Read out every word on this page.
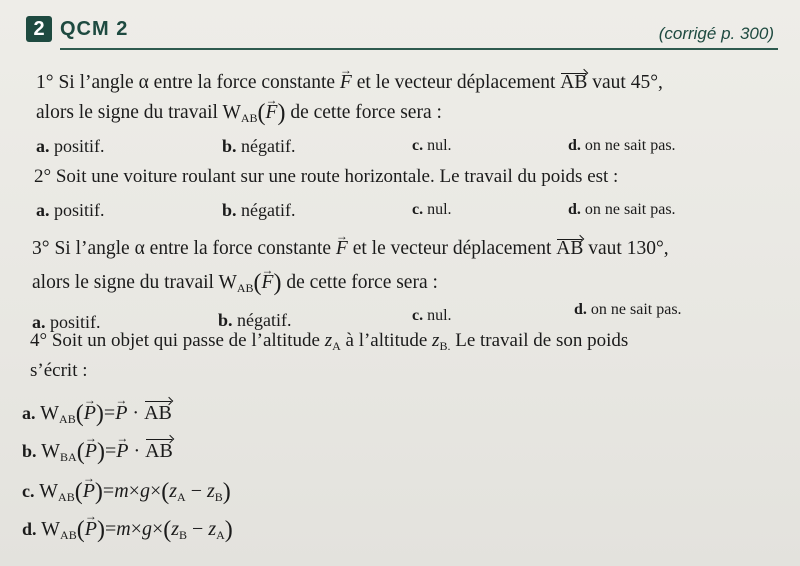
2 QCM 2	(corrigé p. 300)
1° Si l’angle α entre la force constante → F et le vecteur déplacement AB vaut 45°,
alors le signe du travail $W_{AB}(\to F)$ de cette force sera :
a. positif.	b. négatif.	c. nul.	d. on ne sait pas.
2° Soit une voiture roulant sur une route horizontale. Le travail du poids est :
a. positif.	b. négatif.	c. nul.	d. on ne sait pas.
3° Si l’angle α entre la force constante → F et le vecteur déplacement AB vaut 130°,
alors le signe du travail $W_{AB}(\to F)$ de cette force sera :
a. positif.	b. négatif.	c. nul.	d. on ne sait pas.
4° Soit un objet qui passe de l’altitude $z_A$ à l’altitude $z_{B.}$ Le travail de son poids
s’écrit :
a. $W_{AB}(\to P)=\to P$ · AB
b. $W_{BA}(\to P)=\to P$ · AB
c. $W_{AB}(\to P)=m\times g\times(z_A - z_B)$
d. $W_{AB}(\to P)=m\times g\times(z_B - z_A)$
